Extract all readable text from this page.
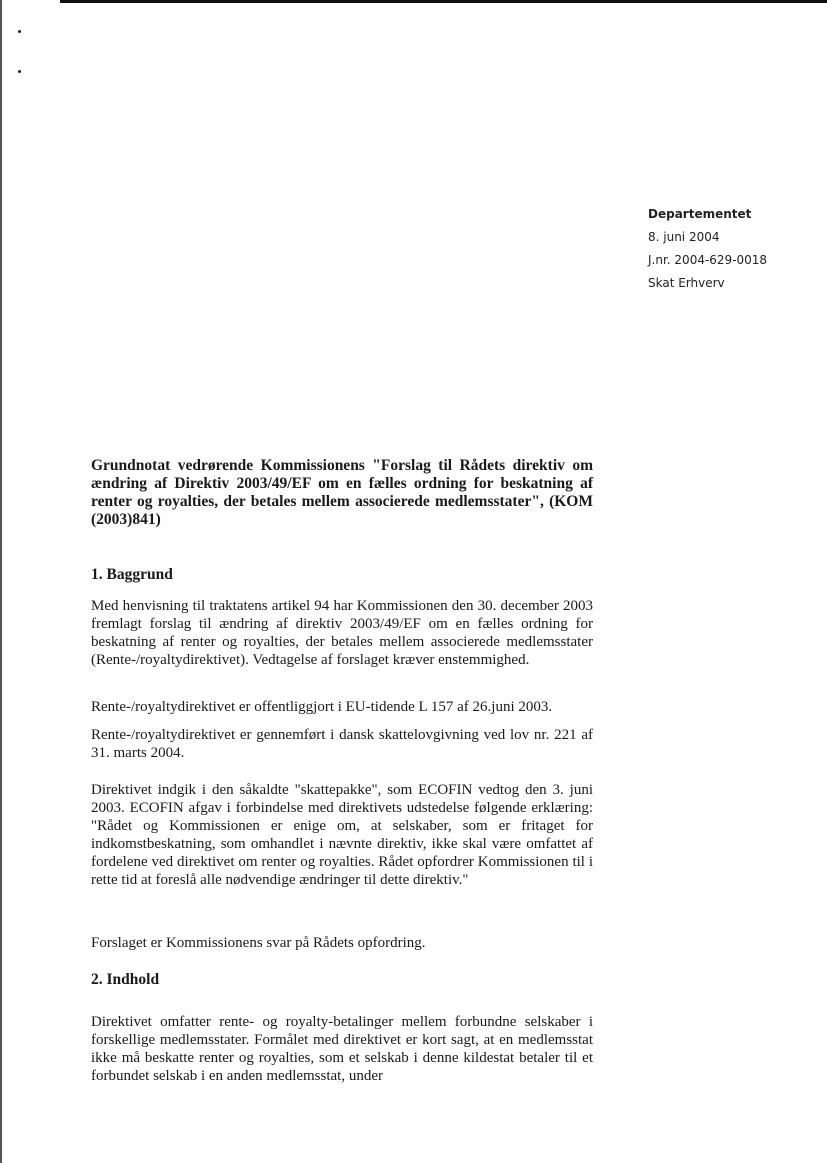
Departementet
8. juni 2004
J.nr. 2004-629-0018
Skat Erhverv
Grundnotat vedrørende Kommissionens "Forslag til Rådets direktiv om ændring af Direktiv 2003/49/EF om en fælles ordning for beskatning af renter og royalties, der betales mellem associerede medlemsstater", (KOM (2003)841)
1. Baggrund

Med henvisning til traktatens artikel 94 har Kommissionen den 30. december 2003 fremlagt forslag til ændring af direktiv 2003/49/EF om en fælles ordning for beskatning af renter og royalties, der betales mellem associerede medlemsstater (Rente-/royaltydirektivet). Vedtagelse af forslaget kræver enstemmighed.

Rente-/royaltydirektivet er offentliggjort i EU-tidende L 157 af 26.juni 2003.

Rente-/royaltydirektivet er gennemført i dansk skattelovgivning ved lov nr. 221 af 31. marts 2004.

Direktivet indgik i den såkaldte "skattepakke", som ECOFIN vedtog den 3. juni 2003. ECOFIN afgav i forbindelse med direktivets udstedelse følgende erklæring: "Rådet og Kommissionen er enige om, at selskaber, som er fritaget for indkomstbeskatning, som omhandlet i nævnte direktiv, ikke skal være omfattet af fordelene ved direktivet om renter og royalties. Rådet opfordrer Kommissionen til i rette tid at foreslå alle nødvendige ændringer til dette direktiv."

Forslaget er Kommissionens svar på Rådets opfordring.

2. Indhold

Direktivet omfatter rente- og royalty-betalinger mellem forbundne selskaber i forskellige medlemsstater. Formålet med direktivet er kort sagt, at en medlemsstat ikke må beskatte renter og royalties, som et selskab i denne kildestat betaler til et forbundet selskab i en anden medlemsstat, under
